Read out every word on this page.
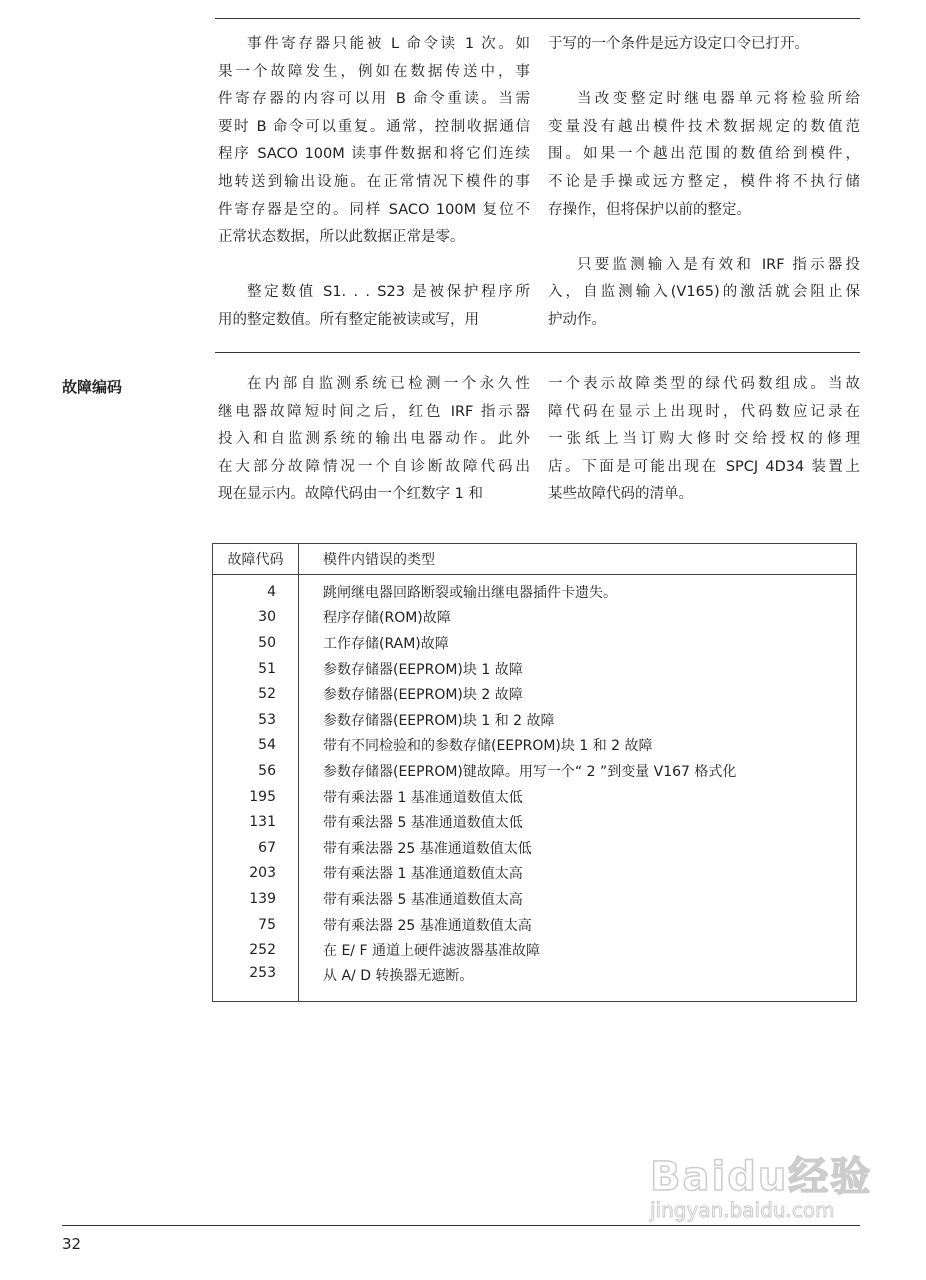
事件寄存器只能被 L 命令读 1 次。如
果一个故障发生，例如在数据传送中，事
件寄存器的内容可以用 B 命令重读。当需
要时 B 命令可以重复。通常，控制收据通信
程序 SACO 100M 读事件数据和将它们连续
地转送到输出设施。在正常情况下模件的事
件寄存器是空的。同样 SACO 100M 复位不
正常状态数据，所以此数据正常是零。
整定数值 S1. . . S23 是被保护程序所
用的整定数值。所有整定能被读或写，用
于写的一个条件是远方设定口令已打开。
当改变整定时继电器单元将检验所给
变量没有越出模件技术数据规定的数值范
围。如果一个越出范围的数值给到模件，
不论是手操或远方整定，模件将不执行储
存操作，但将保护以前的整定。
只要监测输入是有效和 IRF 指示器投
入，自监测输入(V165)的激活就会阻止保
护动作。
故障编码	在内部自监测系统已检测一个永久性
继电器故障短时间之后，红色 IRF 指示器
投入和自监测系统的输出电器动作。此外
在大部分故障情况一个自诊断故障代码出
现在显示内。故障代码由一个红数字 1 和
一个表示故障类型的绿代码数组成。当故
障代码在显示上出现时，代码数应记录在
一张纸上当订购大修时交给授权的修理
店。下面是可能出现在 SPCJ 4D34 装置上
某些故障代码的清单。
故障代码	模件内错误的类型
4	跳闸继电器回路断裂或输出继电器插件卡遗失。
30	程序存储(ROM)故障
50	工作存储(RAM)故障
51	参数存储器(EEPROM)块 1 故障
52	参数存储器(EEPROM)块 2 故障
53	参数存储器(EEPROM)块 1 和 2 故障
54	带有不同检验和的参数存储(EEPROM)块 1 和 2 故障
56	参数存储器(EEPROM)键故障。用写一个“ 2 ”到变量 V167 格式化
195	带有乘法器 1 基准通道数值太低
131	带有乘法器 5 基准通道数值太低
67	带有乘法器 25 基准通道数值太低
203	带有乘法器 1 基准通道数值太高
139	带有乘法器 5 基准通道数值太高
75	带有乘法器 25 基准通道数值太高
252	在 E/ F 通道上硬件滤波器基准故障
253	从 A/ D 转换器无遮断。
32
Baidu经验
jingyan.baidu.com
